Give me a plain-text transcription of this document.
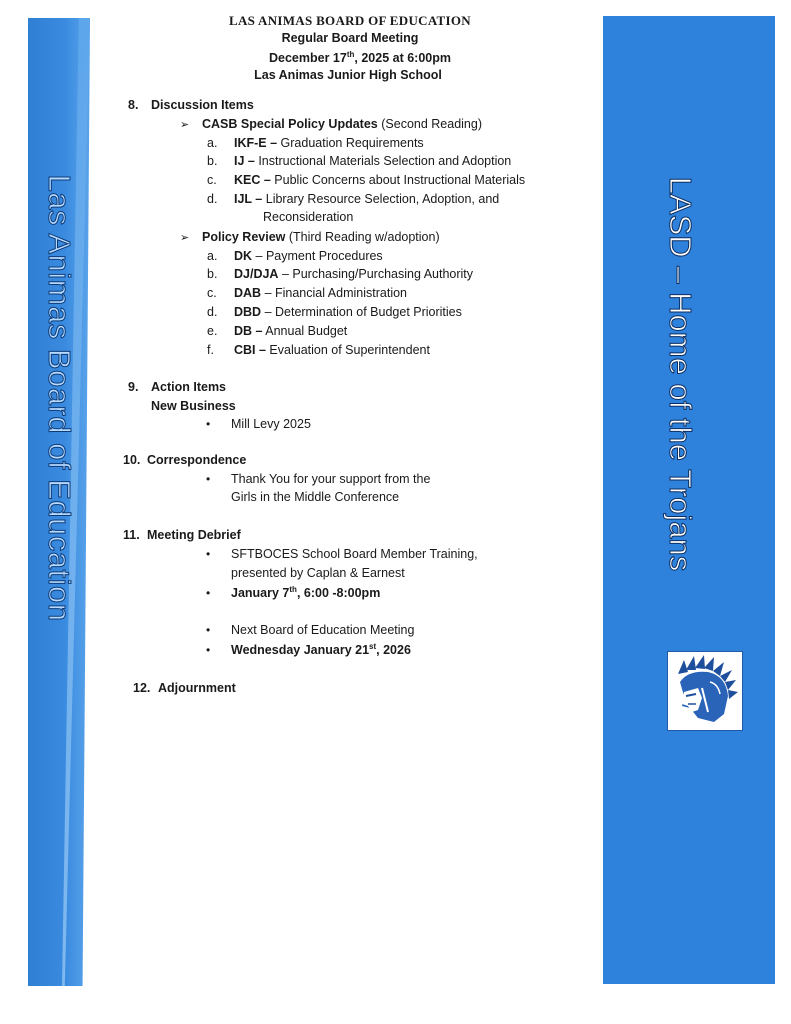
Las Animas Board of Education	LASD – Home of the Trojans
LAS ANIMAS BOARD OF EDUCATION
Regular Board Meeting
December 17th, 2025 at 6:00pm
Las Animas Junior High School
8. Discussion Items
➢ CASB Special Policy Updates (Second Reading)
a. IKF-E – Graduation Requirements
b. IJ – Instructional Materials Selection and Adoption
c. KEC – Public Concerns about Instructional Materials
d. IJL – Library Resource Selection, Adoption, and
Reconsideration
➢ Policy Review (Third Reading w/adoption)
a. DK – Payment Procedures
b. DJ/DJA – Purchasing/Purchasing Authority
c. DAB – Financial Administration
d. DBD – Determination of Budget Priorities
e. DB – Annual Budget
f. CBI – Evaluation of Superintendent
9. Action Items
New Business
• Mill Levy 2025
10. Correspondence
• Thank You for your support from the
Girls in the Middle Conference
11. Meeting Debrief
• SFTBOCES School Board Member Training,
presented by Caplan & Earnest
• January 7th, 6:00 -8:00pm
• Next Board of Education Meeting
• Wednesday January 21st, 2026
12. Adjournment
